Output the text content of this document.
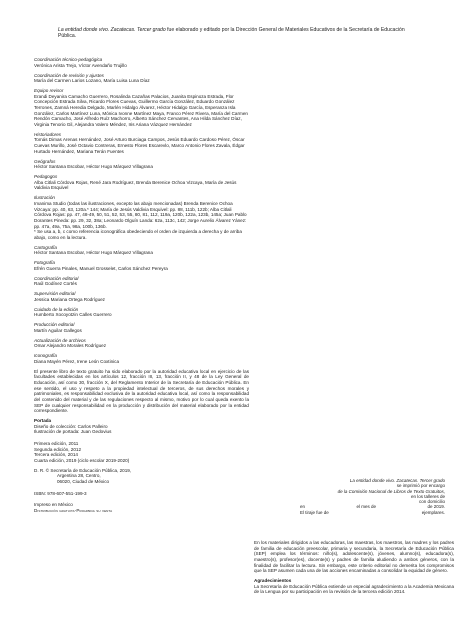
La entidad donde vivo. Zacatecas. Tercer grado fue elaborado y editado por la Dirección General de Materiales Educativos de la Secretaría de Educación Pública.
Coordinación técnico-pedagógica
Verónica Arista Trejo, Víctor Avendaño Trujillo
Coordinación de revisión y ajustes
María del Carmen Larios Lozano, María Luisa Luna Díaz
Equipo revisor
Erandi Deyanira Camacho Guerrero, Rosalinda Cazañas Palacios, Juanita Espinoza Estrada, Flor Concepción Estrada Silva, Ricardo Flores Cuevas, Guillermo García González, Eduardo González Terrones, Zamná Heredia Delgado, Marlén Hidalgo Álvarez, Héctor Hidalgo García, Esperanza Isla González, Carlos Martínez Luna, Mónica Ivonne Martínez Maya, Franco Pérez Rivera, María del Carmen Rendón Camacho, José Alfredo Ruíz Machorro, Alberto Sánchez Cervantes, Ana Hilda Sánchez Díaz, Virginia Tenorio Gil, Alejandra Valero Méndez, Iris Ariana Vázquez Hernández
Historiadores
Tomás Dimas Arenas Hernández, José Arturo Burciaga Campos, Jesús Eduardo Cardoso Pérez, Óscar Cuevas Murillo, José Octavio Contreras, Ernesto Flores Escarevlo, Marco Antonio Flores Zavala, Édgar Hurtado Hernández, Mariana Terán Fuentes
Geógrafos
Héctor Santana Escobar, Héctor Hugo Márquez Villagrana
Pedagogos
Alba Citlali Córdova Rojas, René Jara Rodríguez, Brenda Berenice Ochoa Vizcaya, María de Jesús Valdivia Esquivel
Ilustración
Imanima Studio (todas las ilustraciones, excepto las abajo mencionadas) Brenda Berenice Ochoa Vizcaya: pp. 40, 63, 120a.* 144; María de Jesús Valdivia Esquivel: pp. 88, 111b, 122b; Alba Citlali Córdova Rojas: pp. 47, 48-49, 50, 51, 52, 53, 55, 80, 81, 112, 119a, 120b, 122a, 123b, 145a; Juan Pablo Dorantes Pineda: pp. 29, 32, 38a; Leonardo Olguín Landa: 62a, 113c, 142; Jorge Aurelio Álvarez Yánez: pp. 47a, 49a, 75a, 98a, 100b, 136b.
* Se usa a, b, c como referencia iconográfica obedeciendo el orden de izquierda a derecha y de arriba abajo, como en la lectura.
Cartografía
Héctor Santana Escobar, Héctor Hugo Márquez Villagrana
Fotografía
Efrén Guerra Pinales, Manuel Grosselet, Carlos Sánchez Pereyra
Coordinación editorial
Raúl Godínez Cortés
Supervisión editorial
Jessica Mariana Ortega Rodríguez
Cuidado de la edición
Humberto Xocoyotzin Calles Guerrero
Producción editorial
Martín Aguilar Gallegos
Actualización de archivos
Omar Alejandro Morales Rodríguez
Iconografía
Diana Mayén Pérez, Irene León Coxtinica
El presente libro de texto gratuito ha sido elaborado por la autoridad educativa local en ejercicio de las facultades establecidas en los artículos 12, fracción III, 13, fracción II, y 48 de la Ley General de Educación, así como 30, fracción X, del Reglamento Interior de la Secretaría de Educación Pública. En ese sentido, el uso y respeto a la propiedad intelectual de terceros, de sus derechos morales y patrimoniales, es responsabilidad exclusiva de la autoridad educativa local, así como la responsabilidad del contenido del material y de las regulaciones respecto al mismo, motivo por lo cual queda exento la SEP de cualquier responsabilidad en la producción y distribución del material elaborado por la entidad correspondiente.
Portada
Diseño de colección: Carlos Palleiro
Ilustración de portada: Juan Gedovius
Primera edición, 2011
Segunda edición, 2012
Tercera edición, 2014
Cuarta edición, 2019 (ciclo escolar 2019-2020)
D. R. © Secretaría de Educación Pública, 2019,
Argentina 28, Centro,
06020, Ciudad de México
ISBN: 978-607-551-199-3
Impreso en México
Distribución gratuita-Prohibida su venta
La entidad donde vivo. Zacatecas. Tercer grado
se imprimió por encargo
de la Comisión Nacional de Libros de Texto Gratuitos,
en los talleres de
con domicilio
en	el mes de	de 2019.
El tiraje fue de	ejemplares.
En los materiales dirigidos a las educadoras, las maestras, los maestros, las madres y los padres de familia de educación preescolar, primaria y secundaria, la Secretaría de Educación Pública (SEP) emplea los términos: niño(s), adolescente(s), jóvenes, alumno(s), educadora(s), maestro(s), profesor(es), docente(s) y padres de familia aludiendo a ambos géneros, con la finalidad de facilitar la lectura. Sin embargo, este criterio editorial no demerita los compromisos que la SEP asumen cada una de las acciones encaminadas a consolidar la equidad de género.
Agradecimientos
La Secretaría de Educación Pública extiende un especial agradecimiento a la Academia Mexicana de la Lengua por su participación en la revisión de la tercera edición 2014.
